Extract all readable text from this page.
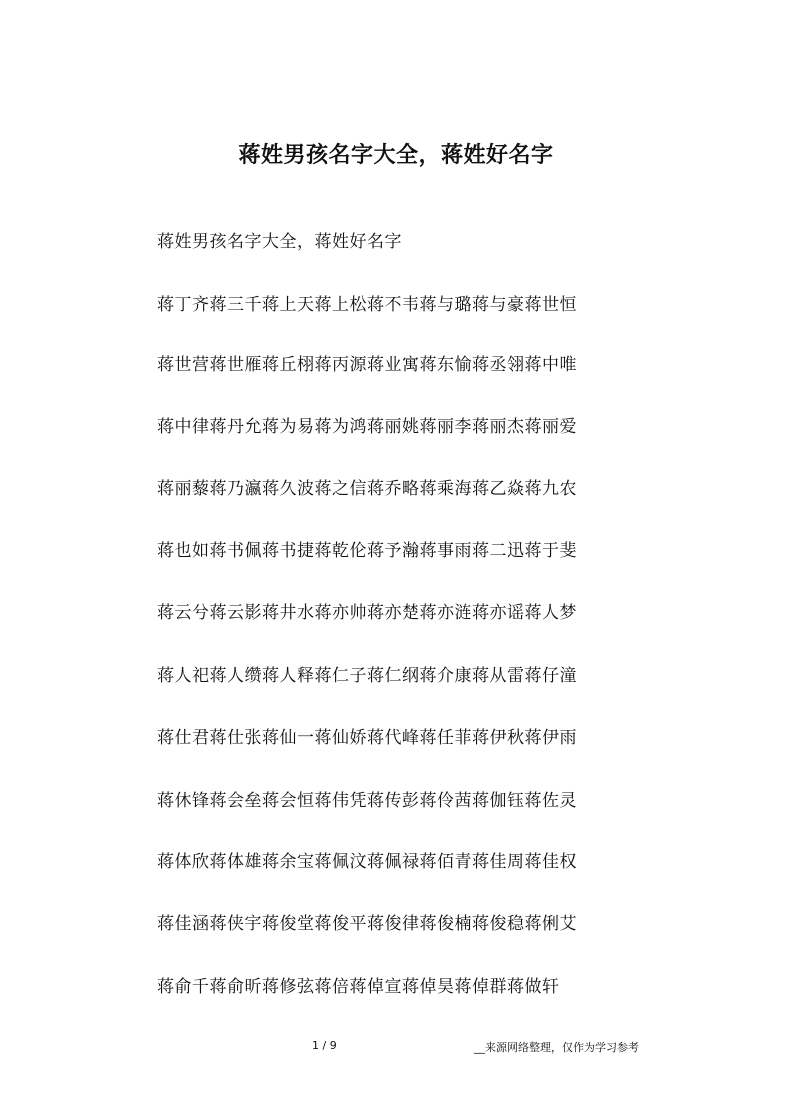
蒋姓男孩名字大全，蒋姓好名字
蒋姓男孩名字大全，蒋姓好名字
蒋丁齐蒋三千蒋上天蒋上松蒋不韦蒋与璐蒋与豪蒋世恒
蒋世营蒋世雁蒋丘栩蒋丙源蒋业寓蒋东愉蒋丞翎蒋中唯
蒋中律蒋丹允蒋为易蒋为鸿蒋丽姚蒋丽李蒋丽杰蒋丽爱
蒋丽藜蒋乃瀛蒋久波蒋之信蒋乔略蒋乘海蒋乙焱蒋九农
蒋也如蒋书佩蒋书捷蒋乾伦蒋予瀚蒋事雨蒋二迅蒋于斐
蒋云兮蒋云影蒋井水蒋亦帅蒋亦楚蒋亦涟蒋亦谣蒋人梦
蒋人祀蒋人缵蒋人释蒋仁子蒋仁纲蒋介康蒋从雷蒋仔潼
蒋仕君蒋仕张蒋仙一蒋仙娇蒋代峰蒋任菲蒋伊秋蒋伊雨
蒋休锋蒋会垒蒋会恒蒋伟凭蒋传彭蒋伶茜蒋伽钰蒋佐灵
蒋体欣蒋体雄蒋余宝蒋佩汶蒋佩禄蒋佰青蒋佳周蒋佳权
蒋佳涵蒋侠宇蒋俊堂蒋俊平蒋俊律蒋俊楠蒋俊稳蒋俐艾
蒋俞千蒋俞昕蒋修弦蒋倍蒋倬宣蒋倬昊蒋倬群蒋做轩
1 / 9	__来源网络整理，仅作为学习参考
